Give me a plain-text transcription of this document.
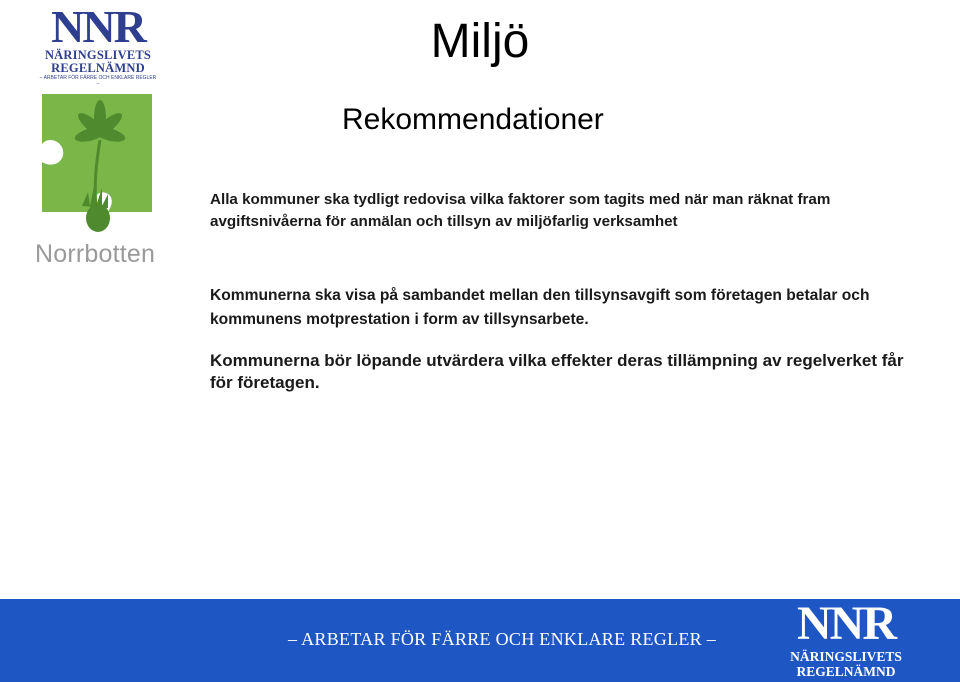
NNR
NÄRINGSLIVETS
REGELNÄMND
– ARBETAR FÖR FÄRRE OCH ENKLARE REGLER –
Norrbotten
Miljö
Rekommendationer
Alla kommuner ska tydligt redovisa vilka faktorer som tagits med när man räknat fram avgiftsnivåerna för anmälan och tillsyn av miljöfarlig verksamhet
Kommunerna ska visa på sambandet mellan den tillsynsavgift som företagen betalar och kommunens motprestation i form av tillsynsarbete.
Kommunerna bör löpande utvärdera vilka effekter deras tillämpning av regelverket får för företagen.
– ARBETAR FÖR FÄRRE OCH ENKLARE REGLER –	NNR
NÄRINGSLIVETS
REGELNÄMND
